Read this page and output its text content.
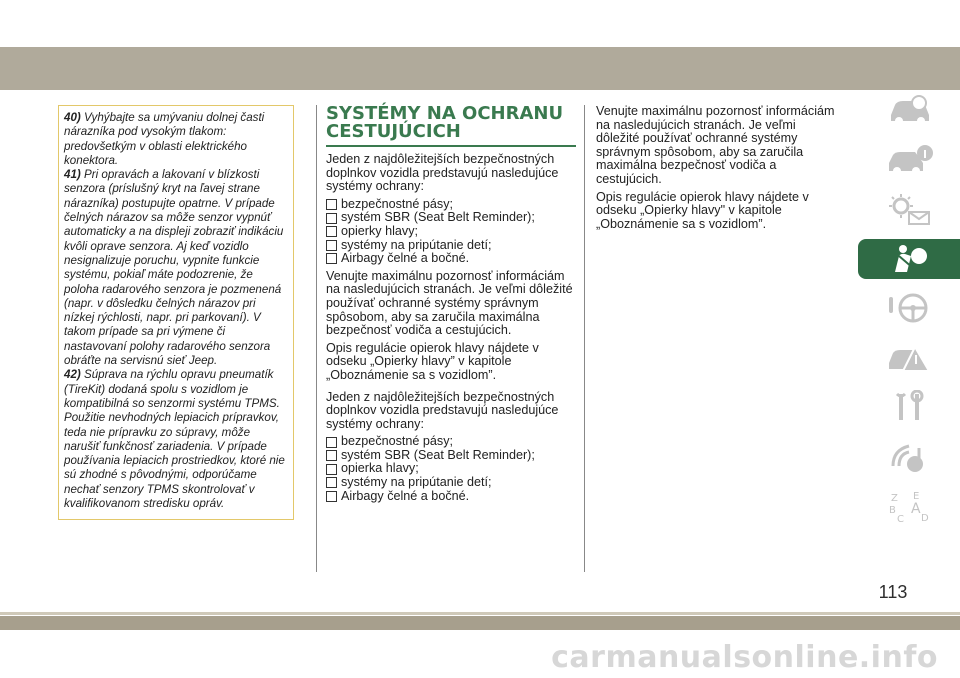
40) Vyhýbajte sa umývaniu dolnej časti nárazníka pod vysokým tlakom: predovšetkým v oblasti elektrického konektora.

41) Pri opravách a lakovaní v blízkosti senzora (príslušný kryt na ľavej strane nárazníka) postupujte opatrne. V prípade čelných nárazov sa môže senzor vypnúť automaticky a na displeji zobraziť indikáciu kvôli oprave senzora. Aj keď vozidlo nesignalizuje poruchu, vypnite funkcie systému, pokiaľ máte podozrenie, že poloha radarového senzora je pozmenená (napr. v dôsledku čelných nárazov pri nízkej rýchlosti, napr. pri parkovaní). V takom prípade sa pri výmene či nastavovaní polohy radarového senzora obráťte na servisnú sieť Jeep.

42) Súprava na rýchlu opravu pneumatík (TireKit) dodaná spolu s vozidlom je kompatibilná so senzormi systému TPMS. Použitie nevhodných lepiacich prípravkov, teda nie prípravku zo súpravy, môže narušiť funkčnosť zariadenia. V prípade používania lepiacich prostriedkov, ktoré nie sú zhodné s pôvodnými, odporúčame nechať senzory TPMS skontrolovať v kvalifikovanom stredisku opráv.

SYSTÉMY NA OCHRANU CESTUJÚCICH

Jeden z najdôležitejších bezpečnostných doplnkov vozidla predstavujú nasledujúce systémy ochrany:

bezpečnostné pásy;
systém SBR (Seat Belt Reminder);
opierky hlavy;
systémy na pripútanie detí;
Airbagy čelné a bočné.

Venujte maximálnu pozornosť informáciám na nasledujúcich stranách. Je veľmi dôležité používať ochranné systémy správnym spôsobom, aby sa zaručila maximálna bezpečnosť vodiča a cestujúcich.

Opis regulácie opierok hlavy nájdete v odseku „Opierky hlavy” v kapitole „Oboznámenie sa s vozidlom”.

Jeden z najdôležitejších bezpečnostných doplnkov vozidla predstavujú nasledujúce systémy ochrany:

bezpečnostné pásy;
systém SBR (Seat Belt Reminder);
opierka hlavy;
systémy na pripútanie detí;
Airbagy čelné a bočné.

Venujte maximálnu pozornosť informáciám na nasledujúcich stranách. Je veľmi dôležité používať ochranné systémy správnym spôsobom, aby sa zaručila maximálna bezpečnosť vodiča a cestujúcich.

Opis regulácie opierok hlavy nájdete v odseku „Opierky hlavy" v kapitole „Oboznámenie sa s vozidlom”.

Z E
B A
C D
113
carmanualsonline.info
